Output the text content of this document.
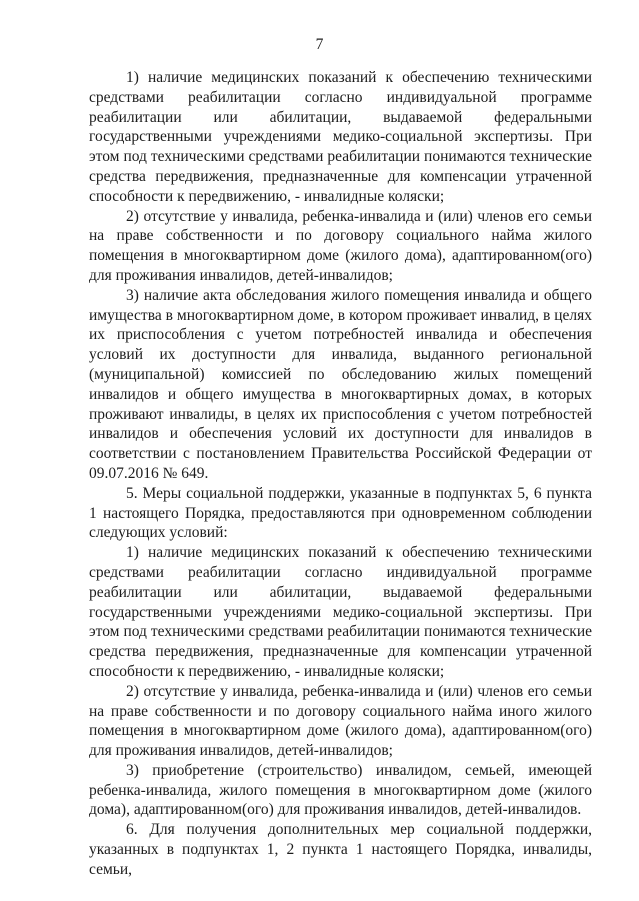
7

1) наличие медицинских показаний к обеспечению техническими средствами реабилитации согласно индивидуальной программе реабилитации или абилитации, выдаваемой федеральными государственными учреждениями медико-социальной экспертизы. При этом под техническими средствами реабилитации понимаются технические средства передвижения, предназначенные для компенсации утраченной способности к передвижению, - инвалидные коляски;

2) отсутствие у инвалида, ребенка-инвалида и (или) членов его семьи на праве собственности и по договору социального найма жилого помещения в многоквартирном доме (жилого дома), адаптированном(ого) для проживания инвалидов, детей-инвалидов;

3) наличие акта обследования жилого помещения инвалида и общего имущества в многоквартирном доме, в котором проживает инвалид, в целях их приспособления с учетом потребностей инвалида и обеспечения условий их доступности для инвалида, выданного региональной (муниципальной) комиссией по обследованию жилых помещений инвалидов и общего имущества в многоквартирных домах, в которых проживают инвалиды, в целях их приспособления с учетом потребностей инвалидов и обеспечения условий их доступности для инвалидов в соответствии с постановлением Правительства Российской Федерации от 09.07.2016 № 649.

5. Меры социальной поддержки, указанные в подпунктах 5, 6 пункта 1 настоящего Порядка, предоставляются при одновременном соблюдении следующих условий:

1) наличие медицинских показаний к обеспечению техническими средствами реабилитации согласно индивидуальной программе реабилитации или абилитации, выдаваемой федеральными государственными учреждениями медико-социальной экспертизы. При этом под техническими средствами реабилитации понимаются технические средства передвижения, предназначенные для компенсации утраченной способности к передвижению, - инвалидные коляски;

2) отсутствие у инвалида, ребенка-инвалида и (или) членов его семьи на праве собственности и по договору социального найма иного жилого помещения в многоквартирном доме (жилого дома), адаптированном(ого) для проживания инвалидов, детей-инвалидов;

3) приобретение (строительство) инвалидом, семьей, имеющей ребенка-инвалида, жилого помещения в многоквартирном доме (жилого дома), адаптированном(ого) для проживания инвалидов, детей-инвалидов.

6. Для получения дополнительных мер социальной поддержки, указанных в подпунктах 1, 2 пункта 1 настоящего Порядка, инвалиды, семьи,
